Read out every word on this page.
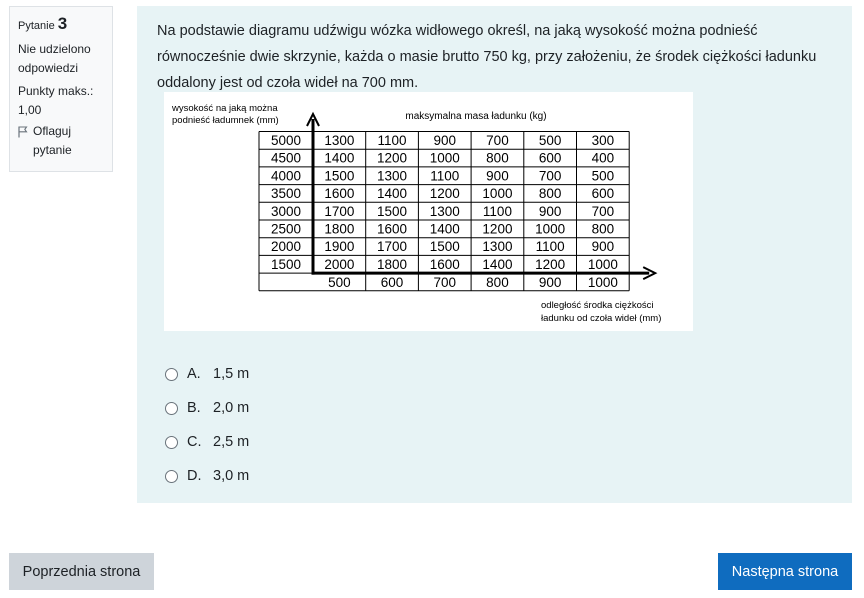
Pytanie 3
Nie udzielono
odpowiedzi
Punkty maks.:
1,00
Oflaguj
pytanie

Na podstawie diagramu udźwigu wózka widłowego określ, na jaką wysokość można podnieść
równocześnie dwie skrzynie, każda o masie brutto 750 kg, przy założeniu, że środek ciężkości ładunku
oddalony jest od czoła wideł na 700 mm.

wysokość na jaką można
podnieść ładumnek (mm)	maksymalna masa ładunku (kg)
odległość środka ciężkości
ładunku od czoła wideł (mm)
5000
4500
4000
3500
3000
2500
2000
1500
1300 1100 900 700 500 300
1400 1200 1000 800 600 400
1500 1300 1100 900 700 500
1600 1400 1200 1000 800 600
1700 1500 1300 1100 900 700
1800 1600 1400 1200 1000 800
1900 1700 1500 1300 1100 900
2000 1800 1600 1400 1200 1000
500 600 700 800 900 1000
A. 1,5 m
B. 2,0 m
C. 2,5 m
D. 3,0 m
Poprzednia strona	Następna strona
